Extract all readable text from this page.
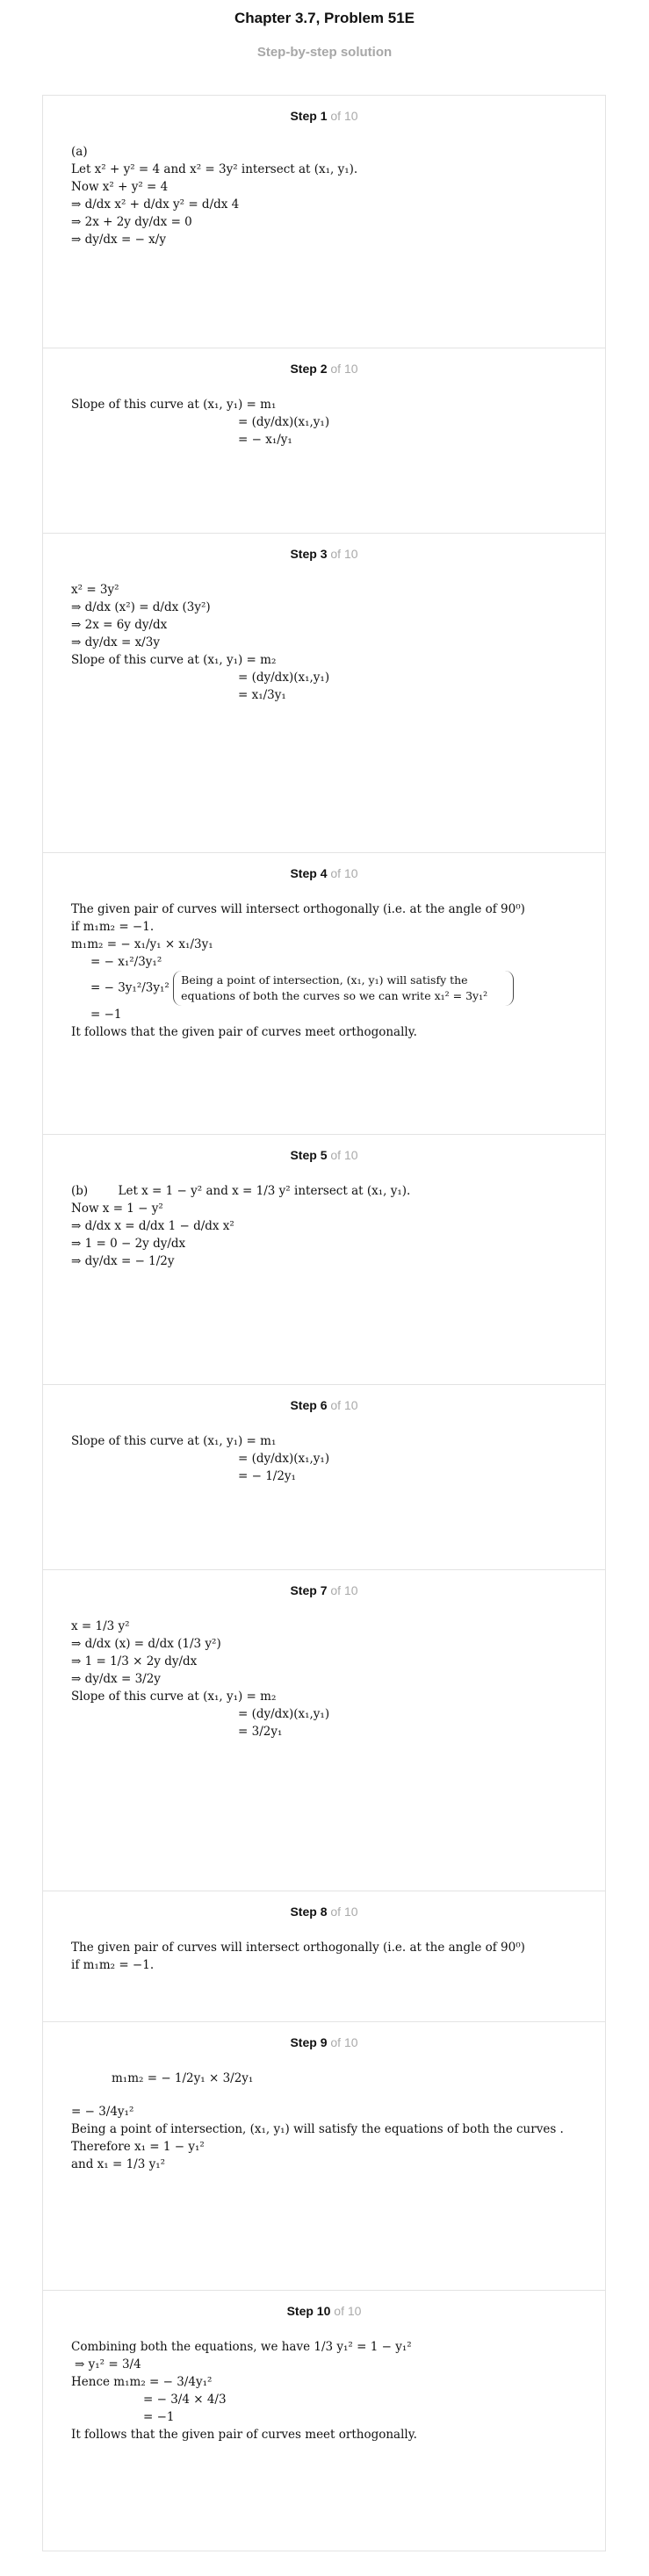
Chapter 3.7, Problem 51E
Step-by-step solution
Step 1 of 10
(a)
Let x² + y² = 4 and x² = 3y² intersect at (x₁, y₁).
Now x² + y² = 4
⇒ d/dx x² + d/dx y² = d/dx 4
⇒ 2x + 2y dy/dx = 0
⇒ dy/dx = − x/y
Step 2 of 10
Slope of this curve at (x₁, y₁) = m₁
= (dy/dx)(x₁,y₁)
= − x₁/y₁
Step 3 of 10
x² = 3y²
⇒ d/dx (x²) = d/dx (3y²)
⇒ 2x = 6y dy/dx
⇒ dy/dx = x/3y
Slope of this curve at (x₁, y₁) = m₂
= (dy/dx)(x₁,y₁)
= x₁/3y₁
Step 4 of 10
The given pair of curves will intersect orthogonally (i.e. at the angle of 90⁰)
if m₁m₂ = −1.
m₁m₂ = − x₁/y₁ × x₁/3y₁
= − x₁²/3y₁²
= − 3y₁²/3y₁² Being a point of intersection, (x₁, y₁) will satisfy the equations of both the curves so we can write x₁² = 3y₁²
= −1
It follows that the given pair of curves meet orthogonally.
Step 5 of 10
(b)	Let x = 1 − y² and x = 1/3 y² intersect at (x₁, y₁).
Now x = 1 − y²
⇒ d/dx x = d/dx 1 − d/dx x²
⇒ 1 = 0 − 2y dy/dx
⇒ dy/dx = − 1/2y
Step 6 of 10
Slope of this curve at (x₁, y₁) = m₁
= (dy/dx)(x₁,y₁)
= − 1/2y₁
Step 7 of 10
x = 1/3 y²
⇒ d/dx (x) = d/dx (1/3 y²)
⇒ 1 = 1/3 × 2y dy/dx
⇒ dy/dx = 3/2y
Slope of this curve at (x₁, y₁) = m₂
= (dy/dx)(x₁,y₁)
= 3/2y₁
Step 8 of 10
The given pair of curves will intersect orthogonally (i.e. at the angle of 90⁰)
if m₁m₂ = −1.
Step 9 of 10
m₁m₂ = − 1/2y₁ × 3/2y₁
= − 3/4y₁²
Being a point of intersection, (x₁, y₁) will satisfy the equations of both the curves .
Therefore x₁ = 1 − y₁²
and x₁ = 1/3 y₁²
Step 10 of 10
Combining both the equations, we have 1/3 y₁² = 1 − y₁²
⇒ y₁² = 3/4
Hence m₁m₂ = − 3/4y₁²
= − 3/4 × 4/3
= −1
It follows that the given pair of curves meet orthogonally.
